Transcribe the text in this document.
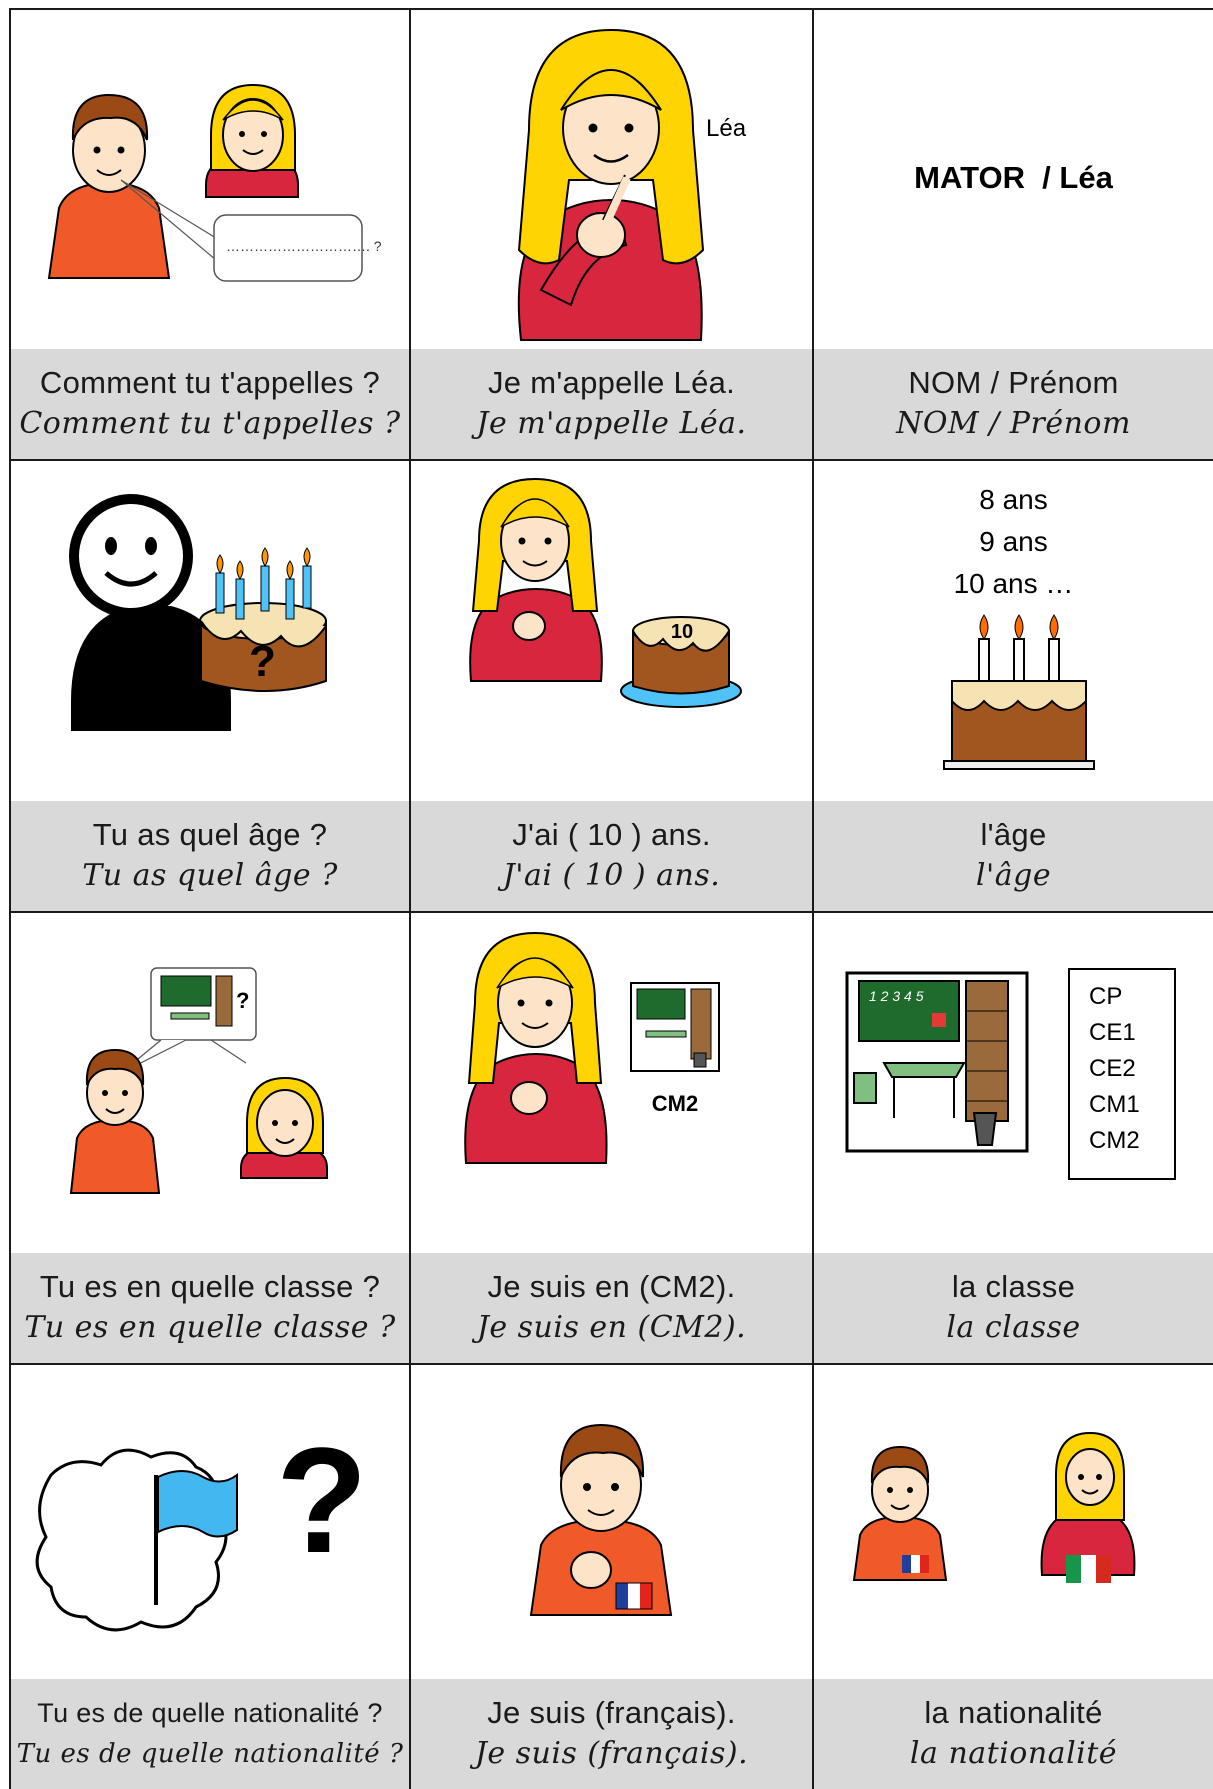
…………………………. ?
Comment tu t'appelles ?
Comment tu t'appelles ?
Léa
Je m'appelle Léa.
Je m'appelle Léa.
MATOR  / Léa
NOM / Prénom
NOM / Prénom
?
Tu as quel âge ?
Tu as quel âge ?
10
J'ai ( 10 ) ans.
J'ai ( 10 ) ans.
8 ans
9 ans
10 ans …
l'âge
l'âge
?
Tu es en quelle classe ?
Tu es en quelle classe ?
CM2
Je suis en (CM2).
Je suis en (CM2).
1 2 3 4 5	CP
CE1
CE2
CM1
CM2
la classe
la classe
?
Tu es de quelle nationalité ?
Tu es de quelle nationalité ?
Je suis (français).
Je suis (français).
la nationalité
la nationalité
